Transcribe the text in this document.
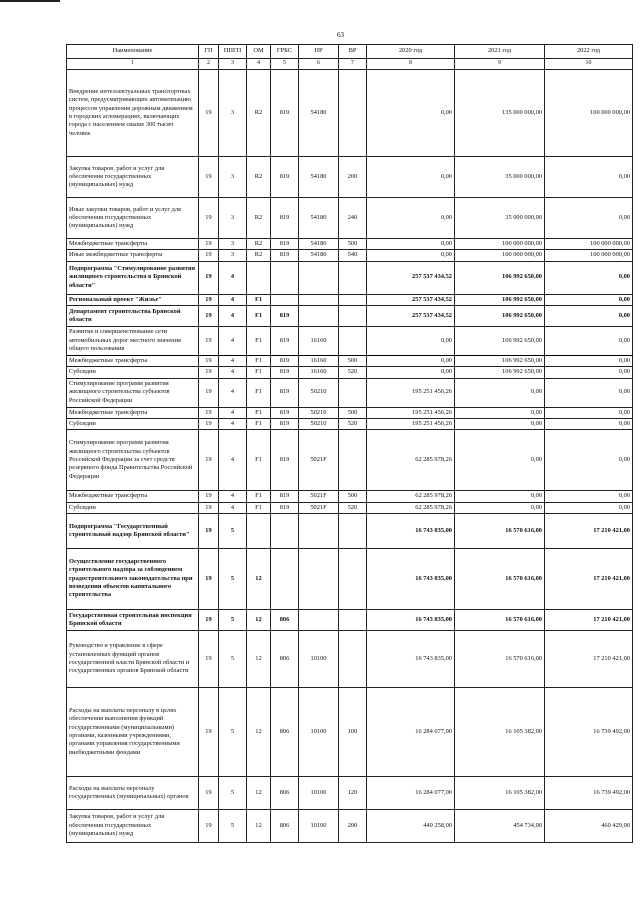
63
Наименование	ГП	ППГП	ОМ	ГРБС	НР	ВР	2020 год	2021 год	2022 год
1	2	3	4	5	6	7	8	9	10
Внедрение интеллектуальных транспортных систем, предусматривающих автоматизацию процессов управления дорожным движением в городских агломерациях, включающих города с населением свыше 300 тысяч человек	19	3	R2	819	54180		0,00	135 000 000,00	100 000 000,00
Закупка товаров, работ и услуг для обеспечения государственных (муниципальных) нужд	19	3	R2	819	54180	200	0,00	35 000 000,00	0,00
Иные закупки товаров, работ и услуг для обеспечения государственных (муниципальных) нужд	19	3	R2	819	54180	240	0,00	35 000 000,00	0,00
Межбюджетные трансферты	19	3	R2	819	54180	500	0,00	100 000 000,00	100 000 000,00
Иные межбюджетные трансферты	19	3	R2	819	54180	540	0,00	100 000 000,00	100 000 000,00
Подпрограмма "Стимулирование развития жилищного строительства в Брянской области"	19	4					257 537 434,52	106 992 650,00	0,00
Региональный проект "Жилье"	19	4	F1				257 537 434,52	106 992 650,00	0,00
Департамент строительства Брянской области	19	4	F1	819			257 537 434,52	106 992 650,00	0,00
Развитие и совершенствование сети автомобильных дорог местного значения общего пользования	19	4	F1	819	16160		0,00	106 992 650,00	0,00
Межбюджетные трансферты	19	4	F1	819	16160	500	0,00	106 992 650,00	0,00
Субсидии	19	4	F1	819	16160	520	0,00	106 992 650,00	0,00
Стимулирование программ развития жилищного строительства субъектов Российской Федерации	19	4	F1	819	50210		195 251 456,26	0,00	0,00
Межбюджетные трансферты	19	4	F1	819	50210	500	195 251 456,26	0,00	0,00
Субсидии	19	4	F1	819	50210	520	195 251 456,26	0,00	0,00
Стимулирование программ развития жилищного строительства субъектов Российской Федерации за счет средств резервного фонда Правительства Российской Федерации	19	4	F1	819	5021F		62 285 978,26	0,00	0,00
Межбюджетные трансферты	19	4	F1	819	5021F	500	62 285 978,26	0,00	0,00
Субсидии	19	4	F1	819	5021F	520	62 285 978,26	0,00	0,00
Подпрограмма "Государственный строительный надзор Брянской области"	19	5					16 743 835,00	16 570 616,00	17 210 421,00
Осуществление государственного строительного надзора за соблюдением градостроительного законодательства при возведении объектов капитального строительства	19	5	12				16 743 835,00	16 570 616,00	17 210 421,00
Государственная строительная инспекция Брянской области	19	5	12	806			16 743 835,00	16 570 616,00	17 210 421,00
Руководство и управление в сфере установленных функций органов государственной власти Брянской области и государственных органов Брянской области	19	5	12	806	10100		16 743 835,00	16 570 616,00	17 210 421,00
Расходы на выплаты персоналу в целях обеспечения выполнения функций государственными (муниципальными) органами, казенными учреждениями, органами управления государственными внебюджетными фондами	19	5	12	806	10100	100	16 284 077,00	16 105 382,00	16 739 492,00
Расходы на выплаты персоналу государственных (муниципальных) органов	19	5	12	806	10100	120	16 284 077,00	16 105 382,00	16 739 492,00
Закупка товаров, работ и услуг для обеспечения государственных (муниципальных) нужд	19	5	12	806	10100	200	449 258,00	454 734,00	460 429,00
